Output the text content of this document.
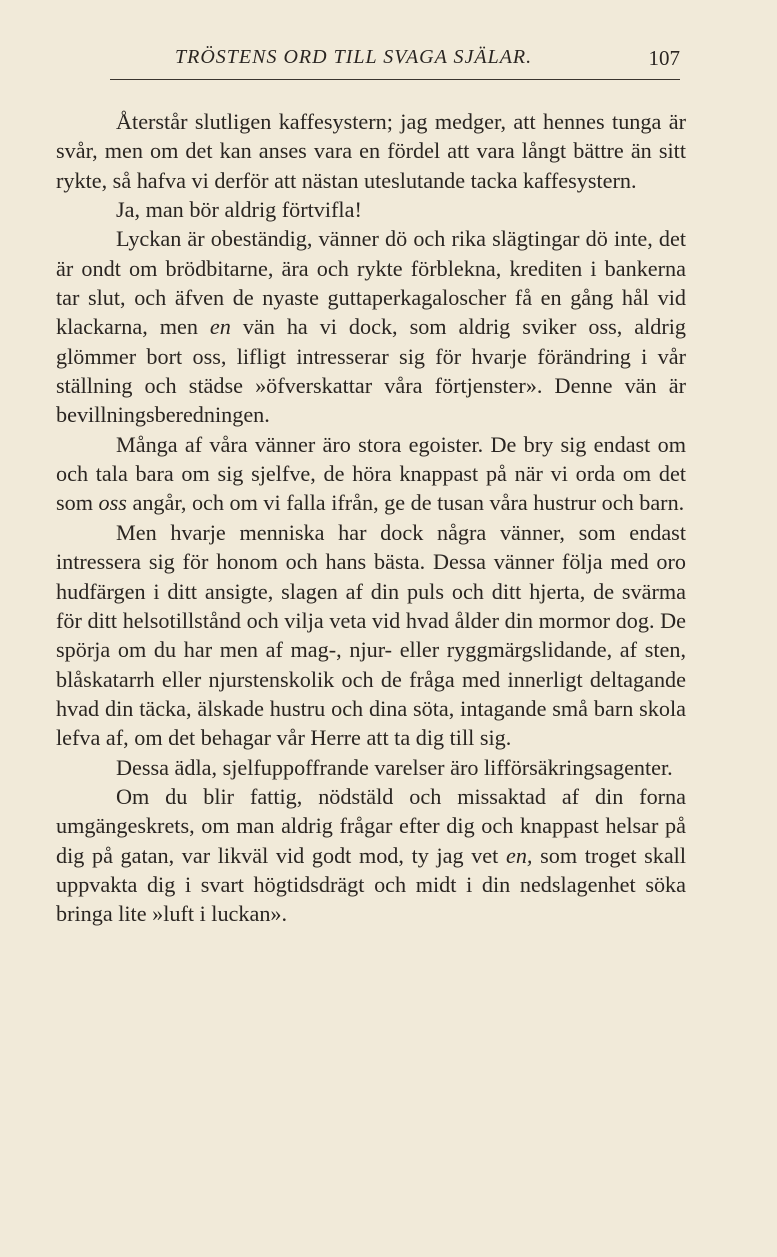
TRÖSTENS ORD TILL SVAGA SJÄLAR.	107

Återstår slutligen kaffesystern; jag medger, att hennes tunga är svår, men om det kan anses vara en fördel att vara långt bättre än sitt rykte, så hafva vi derför att nästan uteslutande tacka kaffesystern.

Ja, man bör aldrig förtvifla!

Lyckan är obeständig, vänner dö och rika slägtingar dö inte, det är ondt om brödbitarne, ära och rykte förblekna, krediten i bankerna tar slut, och äfven de nyaste guttaperkagaloscher få en gång hål vid klackarna, men en vän ha vi dock, som aldrig sviker oss, aldrig glömmer bort oss, lifligt intresserar sig för hvarje förändring i vår ställning och städse »öfverskattar våra förtjenster». Denne vän är bevillningsberedningen.

Många af våra vänner äro stora egoister. De bry sig endast om och tala bara om sig sjelfve, de höra knappast på när vi orda om det som oss angår, och om vi falla ifrån, ge de tusan våra hustrur och barn.

Men hvarje menniska har dock några vänner, som endast intressera sig för honom och hans bästa. Dessa vänner följa med oro hudfärgen i ditt ansigte, slagen af din puls och ditt hjerta, de svärma för ditt helsotillstånd och vilja veta vid hvad ålder din mormor dog. De spörja om du har men af mag-, njur- eller ryggmärgslidande, af sten, blåskatarrh eller njurstenskolik och de fråga med innerligt deltagande hvad din täcka, älskade hustru och dina söta, intagande små barn skola lefva af, om det behagar vår Herre att ta dig till sig.

Dessa ädla, sjelfuppoffrande varelser äro lifförsäkringsagenter.

Om du blir fattig, nödstäld och missaktad af din forna umgängeskrets, om man aldrig frågar efter dig och knappast helsar på dig på gatan, var likväl vid godt mod, ty jag vet en, som troget skall uppvakta dig i svart högtidsdrägt och midt i din nedslagenhet söka bringa lite »luft i luckan».
